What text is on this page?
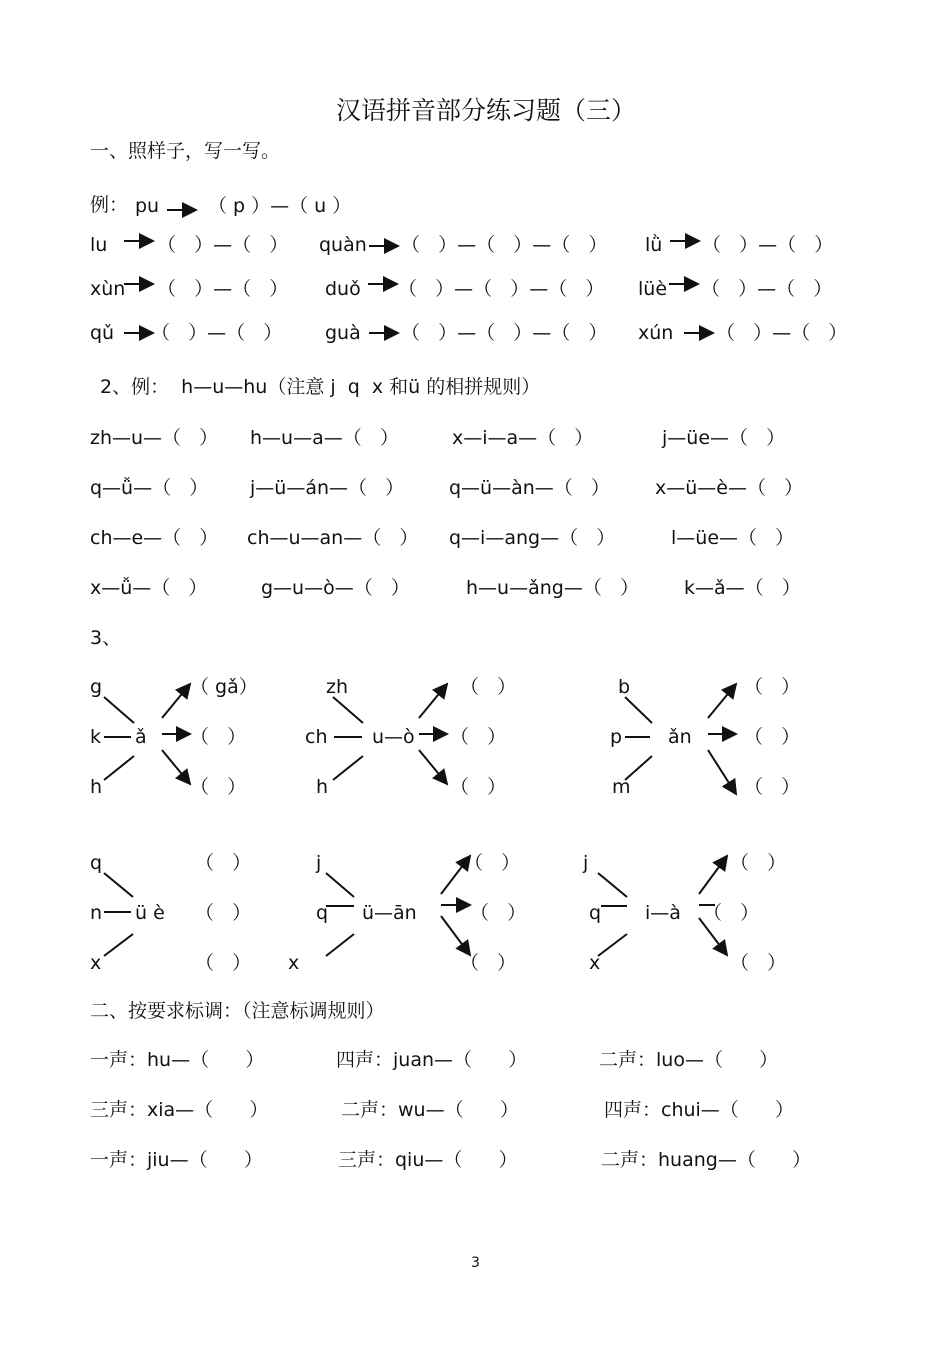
汉语拼音部分练习题（三）
一、照样子，写一写。
例： pu	（ p ）—（ u ）
lu	（   ）—（   ） quàn （   ）—（   ）—（   ） lǜ （   ）—（   ）
xùn （   ）—（   ） duǒ （   ）—（   ）—（   ） lüè （   ）—（   ）
qǔ （   ）—（   ） guà （   ）—（   ）—（   ） xún （   ）—（   ）
2、例：  h—u—hu（注意 j  q  x 和ü 的相拼规则）
zh—u—（   ） h—u—a—（   ）	x—i—a—（   ）	j—üe—（   ）
q—ǚ—（   ） j—ü—án—（   ） q—ü—àn—（   ） x—ü—è—（   ）
ch—e—（   ） ch—u—an—（   ） q—i—ang—（   ）	l—üe—（   ）
x—ǚ—（   ）	g—u—ò—（   ）	h—u—ǎng—（   ） k—ǎ—（   ）
3、
g
k
h
ǎ
（ gǎ）
（   ）
（   ）
zh
ch
h
u—ò
（   ）
（   ）
（   ）
b
p
m
ǎn
（   ）
（   ）
（   ）
q
n
x
ü è
（   ）
（   ）
（   ）
j
q
x
ü—ān
（   ）
（   ）
（   ）
j
q
x
i—à
（   ）
（   ）
（   ）
二、按要求标调：（注意标调规则）
一声：hu—（      ）	四声：juan—（      ）	二声：luo—（      ）
三声：xia—（      ）	二声：wu—（      ）	四声：chui—（      ）
一声：jiu—（      ）	三声：qiu—（      ）	二声：huang—（      ）
3
